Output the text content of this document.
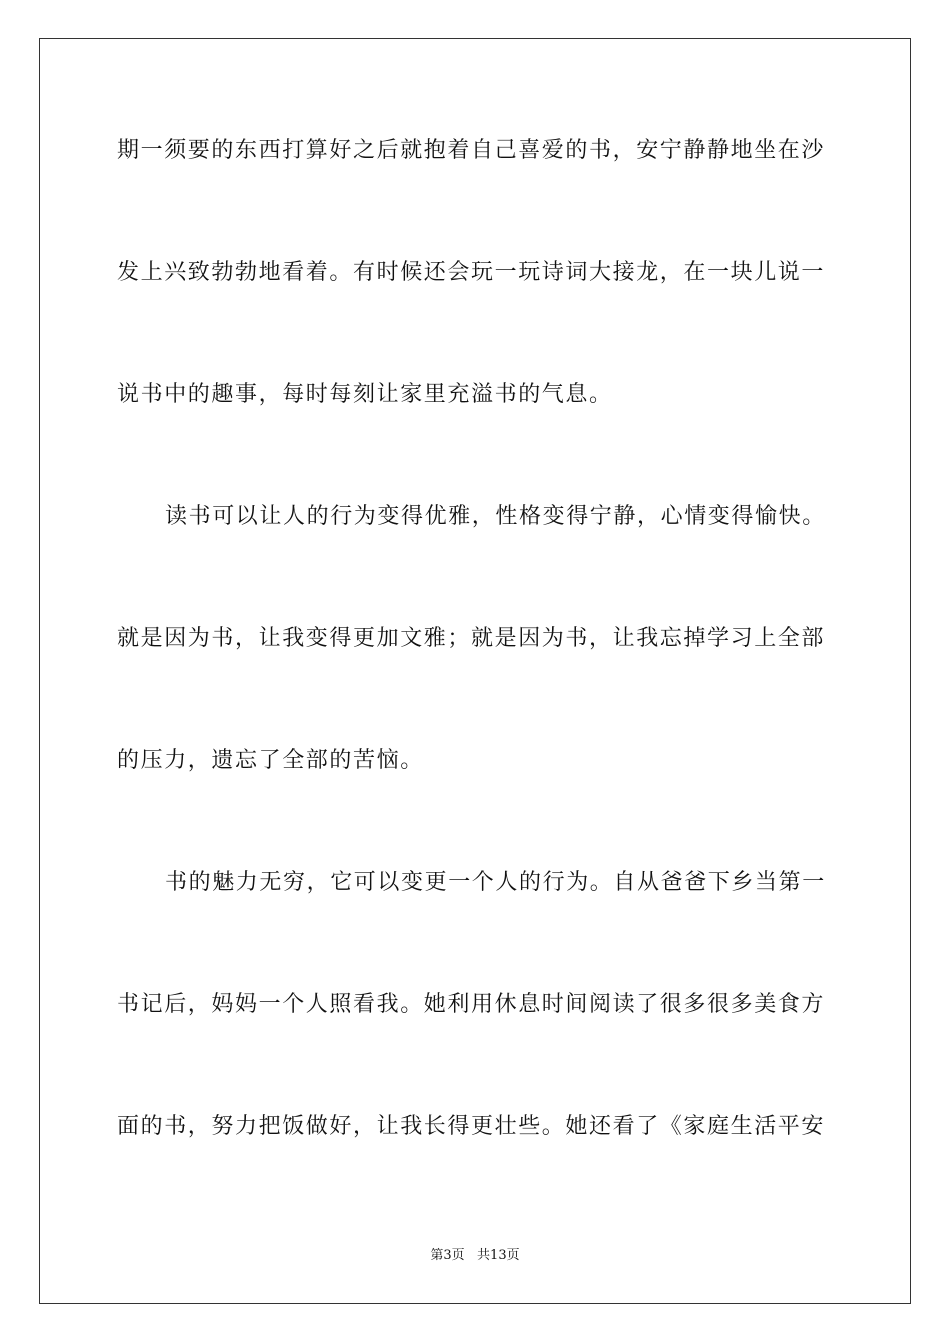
期一须要的东西打算好之后就抱着自己喜爱的书，安宁静静地坐在沙
发上兴致勃勃地看着。有时候还会玩一玩诗词大接龙，在一块儿说一
说书中的趣事，每时每刻让家里充溢书的气息。
读书可以让人的行为变得优雅，性格变得宁静，心情变得愉快。
就是因为书，让我变得更加文雅；就是因为书，让我忘掉学习上全部
的压力，遗忘了全部的苦恼。
书的魅力无穷，它可以变更一个人的行为。自从爸爸下乡当第一
书记后，妈妈一个人照看我。她利用休息时间阅读了很多很多美食方
面的书，努力把饭做好，让我长得更壮些。她还看了《家庭生活平安
第3页   共13页
